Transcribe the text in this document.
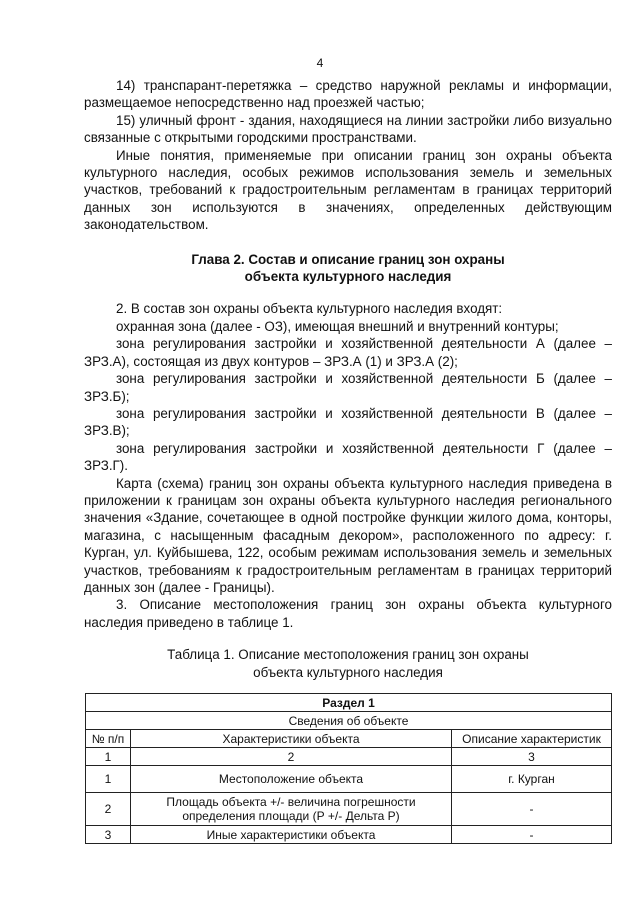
4

14) транспарант-перетяжка – средство наружной рекламы и информации, размещаемое непосредственно над проезжей частью;

15) уличный фронт - здания, находящиеся на линии застройки либо визуально связанные с открытыми городскими пространствами.

Иные понятия, применяемые при описании границ зон охраны объекта культурного наследия, особых режимов использования земель и земельных участков, требований к градостроительным регламентам в границах территорий данных зон используются в значениях, определенных действующим законодательством.

Глава 2. Состав и описание границ зон охраны
объекта культурного наследия

2. В состав зон охраны объекта культурного наследия входят:

охранная зона (далее - ОЗ), имеющая внешний и внутренний контуры;

зона регулирования застройки и хозяйственной деятельности А (далее – ЗРЗ.А), состоящая из двух контуров – ЗРЗ.А (1) и ЗРЗ.А (2);

зона регулирования застройки и хозяйственной деятельности Б (далее – ЗРЗ.Б);

зона регулирования застройки и хозяйственной деятельности В (далее – ЗРЗ.В);

зона регулирования застройки и хозяйственной деятельности Г (далее – ЗРЗ.Г).

Карта (схема) границ зон охраны объекта культурного наследия приведена в приложении к границам зон охраны объекта культурного наследия регионального значения «Здание, сочетающее в одной постройке функции жилого дома, конторы, магазина, с насыщенным фасадным декором», расположенного по адресу: г. Курган, ул. Куйбышева, 122, особым режимам использования земель и земельных участков, требованиям к градостроительным регламентам в границах территорий данных зон (далее - Границы).

3. Описание местоположения границ зон охраны объекта культурного наследия приведено в таблице 1.

Таблица 1. Описание местоположения границ зон охраны
объекта культурного наследия
Раздел 1		
Сведения об объекте		
№ п/п	Характеристики объекта	Описание характеристик
1	2	3
1	Местоположение объекта	г. Курган
2	Площадь объекта +/- величина погрешности определения площади (Р +/- Дельта Р)	-
3	Иные характеристики объекта	-
